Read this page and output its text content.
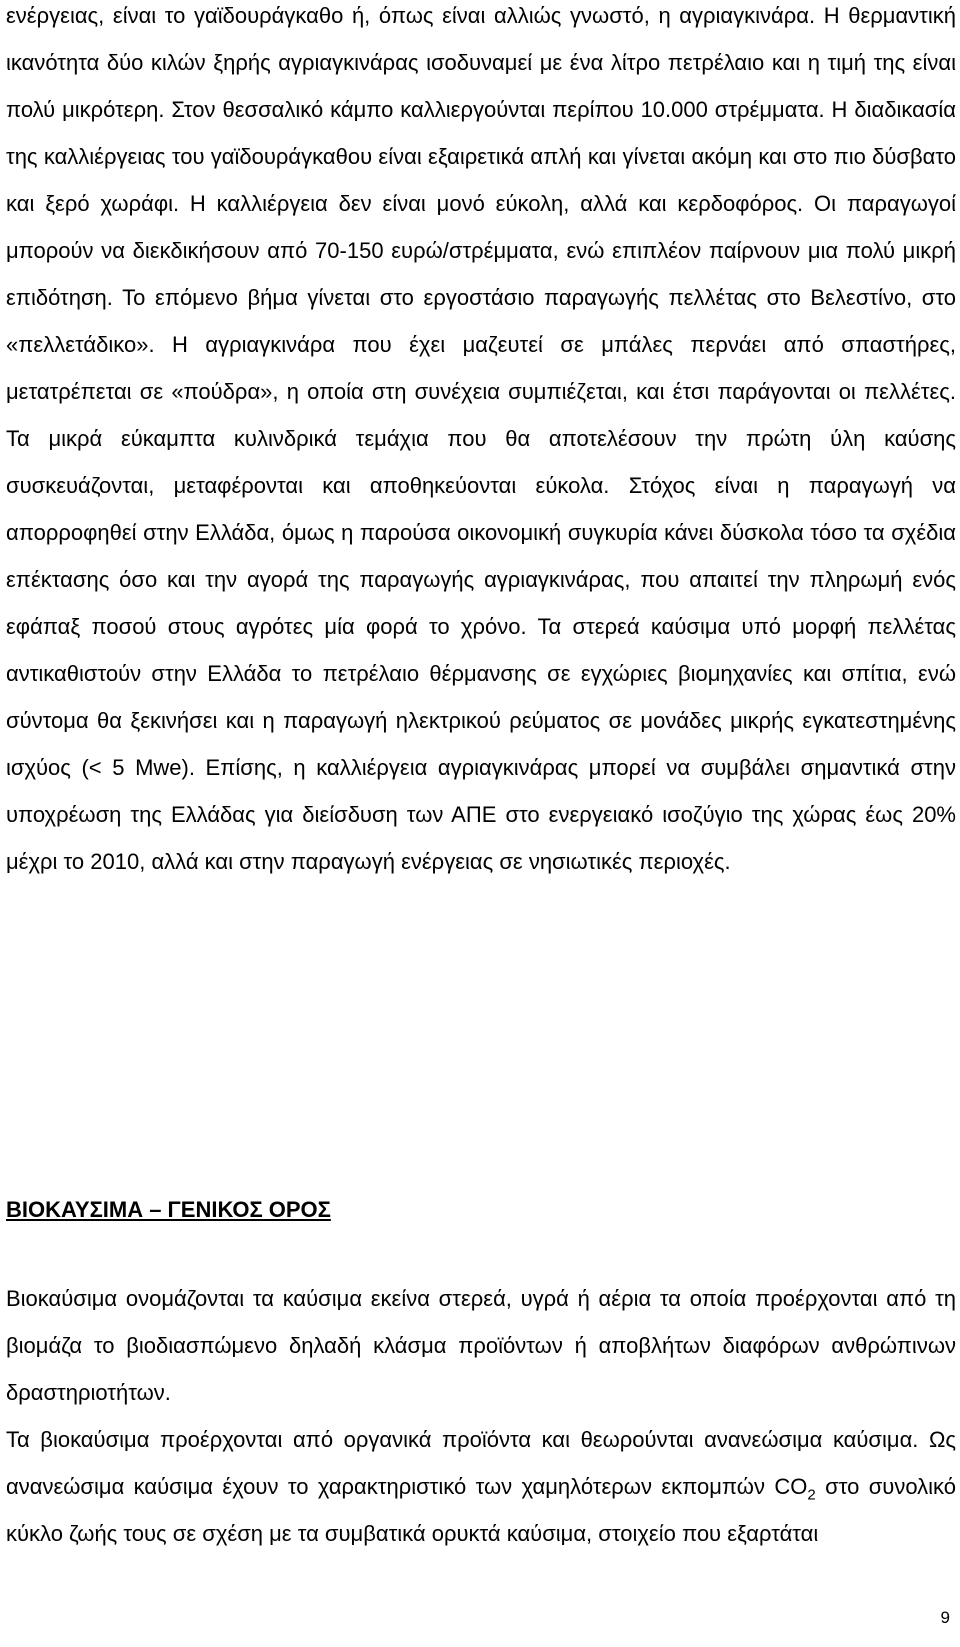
ενέργειας, είναι το γαϊδουράγκαθο ή, όπως είναι αλλιώς γνωστό, η αγριαγκινάρα. Η θερμαντική ικανότητα δύο κιλών ξηρής αγριαγκινάρας ισοδυναμεί με ένα λίτρο πετρέλαιο και η τιμή της είναι πολύ μικρότερη. Στον θεσσαλικό κάμπο καλλιεργούνται περίπου 10.000 στρέμματα. Η διαδικασία της καλλιέργειας του γαϊδουράγκαθου είναι εξαιρετικά απλή και γίνεται ακόμη και στο πιο δύσβατο και ξερό χωράφι. Η καλλιέργεια δεν είναι μονό εύκολη, αλλά και κερδοφόρος. Οι παραγωγοί μπορούν να διεκδικήσουν από 70-150 ευρώ/στρέμματα, ενώ επιπλέον παίρνουν μια πολύ μικρή επιδότηση. Το επόμενο βήμα γίνεται στο εργοστάσιο παραγωγής πελλέτας στο Βελεστίνο, στο «πελλετάδικο». Η αγριαγκινάρα που έχει μαζευτεί σε μπάλες περνάει από σπαστήρες, μετατρέπεται σε «πούδρα», η οποία στη συνέχεια συμπιέζεται, και έτσι παράγονται οι πελλέτες. Τα μικρά εύκαμπτα κυλινδρικά τεμάχια που θα αποτελέσουν την πρώτη ύλη καύσης συσκευάζονται, μεταφέρονται και αποθηκεύονται εύκολα. Στόχος είναι η παραγωγή να απορροφηθεί στην Ελλάδα, όμως η παρούσα οικονομική συγκυρία κάνει δύσκολα τόσο τα σχέδια επέκτασης όσο και την αγορά της παραγωγής αγριαγκινάρας, που απαιτεί την πληρωμή ενός εφάπαξ ποσού στους αγρότες μία φορά το χρόνο. Τα στερεά καύσιμα υπό μορφή πελλέτας αντικαθιστούν στην Ελλάδα το πετρέλαιο θέρμανσης σε εγχώριες βιομηχανίες και σπίτια, ενώ σύντομα θα ξεκινήσει και η παραγωγή ηλεκτρικού ρεύματος σε μονάδες μικρής εγκατεστημένης ισχύος (< 5 Mwe). Επίσης, η καλλιέργεια αγριαγκινάρας μπορεί να συμβάλει σημαντικά στην υποχρέωση της Ελλάδας για διείσδυση των ΑΠΕ στο ενεργειακό ισοζύγιο της χώρας έως 20% μέχρι το 2010, αλλά και στην παραγωγή ενέργειας σε νησιωτικές περιοχές.

ΒΙΟΚΑΥΣΙΜΑ – ΓΕΝΙΚΟΣ ΟΡΟΣ

Βιοκαύσιμα ονομάζονται τα καύσιμα εκείνα στερεά, υγρά ή αέρια τα οποία προέρχονται από τη βιομάζα το βιοδιασπώμενο δηλαδή κλάσμα προϊόντων ή αποβλήτων διαφόρων ανθρώπινων δραστηριοτήτων.

Τα βιοκαύσιμα προέρχονται από οργανικά προϊόντα και θεωρούνται ανανεώσιμα καύσιμα. Ως ανανεώσιμα καύσιμα έχουν το χαρακτηριστικό των χαμηλότερων εκπομπών $CO_2$ στο συνολικό κύκλο ζωής τους σε σχέση με τα συμβατικά ορυκτά καύσιμα, στοιχείο που εξαρτάται

9
